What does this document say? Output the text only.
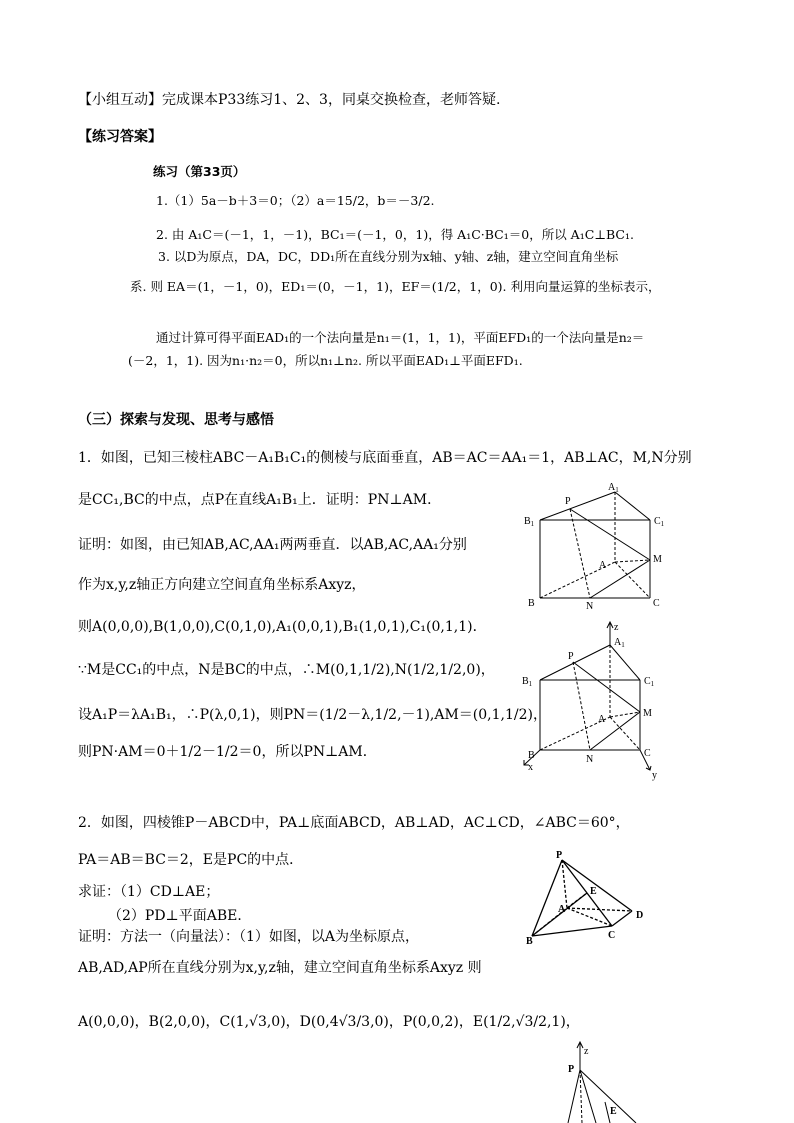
【小组互动】完成课本P33练习1、2、3，同桌交换检查，老师答疑.
【练习答案】
练习（第33页）
1.（1）5a－b＋3＝0；（2）a＝15/2，b＝－3/2.
2. 由 A₁C＝(－1，1，－1)，BC₁＝(－1，0，1)，得 A₁C·BC₁＝0，所以 A₁C⊥BC₁.
3. 以D为原点，DA，DC，DD₁所在直线分别为x轴、y轴、z轴，建立空间直角坐标
系. 则 EA＝(1，－1，0)，ED₁＝(0，－1，1)，EF＝(1/2，1，0). 利用向量运算的坐标表示，
通过计算可得平面EAD₁的一个法向量是n₁＝(1，1，1)，平面EFD₁的一个法向量是n₂＝
(－2，1，1). 因为n₁·n₂＝0，所以n₁⊥n₂. 所以平面EAD₁⊥平面EFD₁.
（三）探索与发现、思考与感悟
1．如图，已知三棱柱ABC－A₁B₁C₁的侧棱与底面垂直，AB＝AC＝AA₁＝1，AB⊥AC，M,N分别
是CC₁,BC的中点，点P在直线A₁B₁上．证明：PN⊥AM．
证明：如图，由已知AB,AC,AA₁两两垂直．以AB,AC,AA₁分别
作为x,y,z轴正方向建立空间直角坐标系Axyz，
则A(0,0,0),B(1,0,0),C(0,1,0),A₁(0,0,1),B₁(1,0,1),C₁(0,1,1)．
∵M是CC₁的中点，N是BC的中点，∴M(0,1,1/2),N(1/2,1/2,0)，
设A₁P＝λA₁B₁，∴P(λ,0,1)，则PN＝(1/2－λ,1/2,－1),AM＝(0,1,1/2)，
则PN·AM＝0＋1/2－1/2＝0，所以PN⊥AM．
$A_1$
P
$B_1$	$C_1$
A
M
B	N	C
z
$A_1$
P
$B_1$	$C_1$
A
M
B	N
C
x
y
2．如图，四棱锥P－ABCD中，PA⊥底面ABCD，AB⊥AD，AC⊥CD，∠ABC＝60°，
PA＝AB＝BC＝2，E是PC的中点．
求证：（1）CD⊥AE；
（2）PD⊥平面ABE．
证明：方法一（向量法）：（1）如图，以A为坐标原点，
AB,AD,AP所在直线分别为x,y,z轴，建立空间直角坐标系Axyz 则
A(0,0,0)，B(2,0,0)，C(1,√3,0)，D(0,4√3/3,0)，P(0,0,2)，E(1/2,√3/2,1)，
P
E
A
D
C
B
z
P
E
